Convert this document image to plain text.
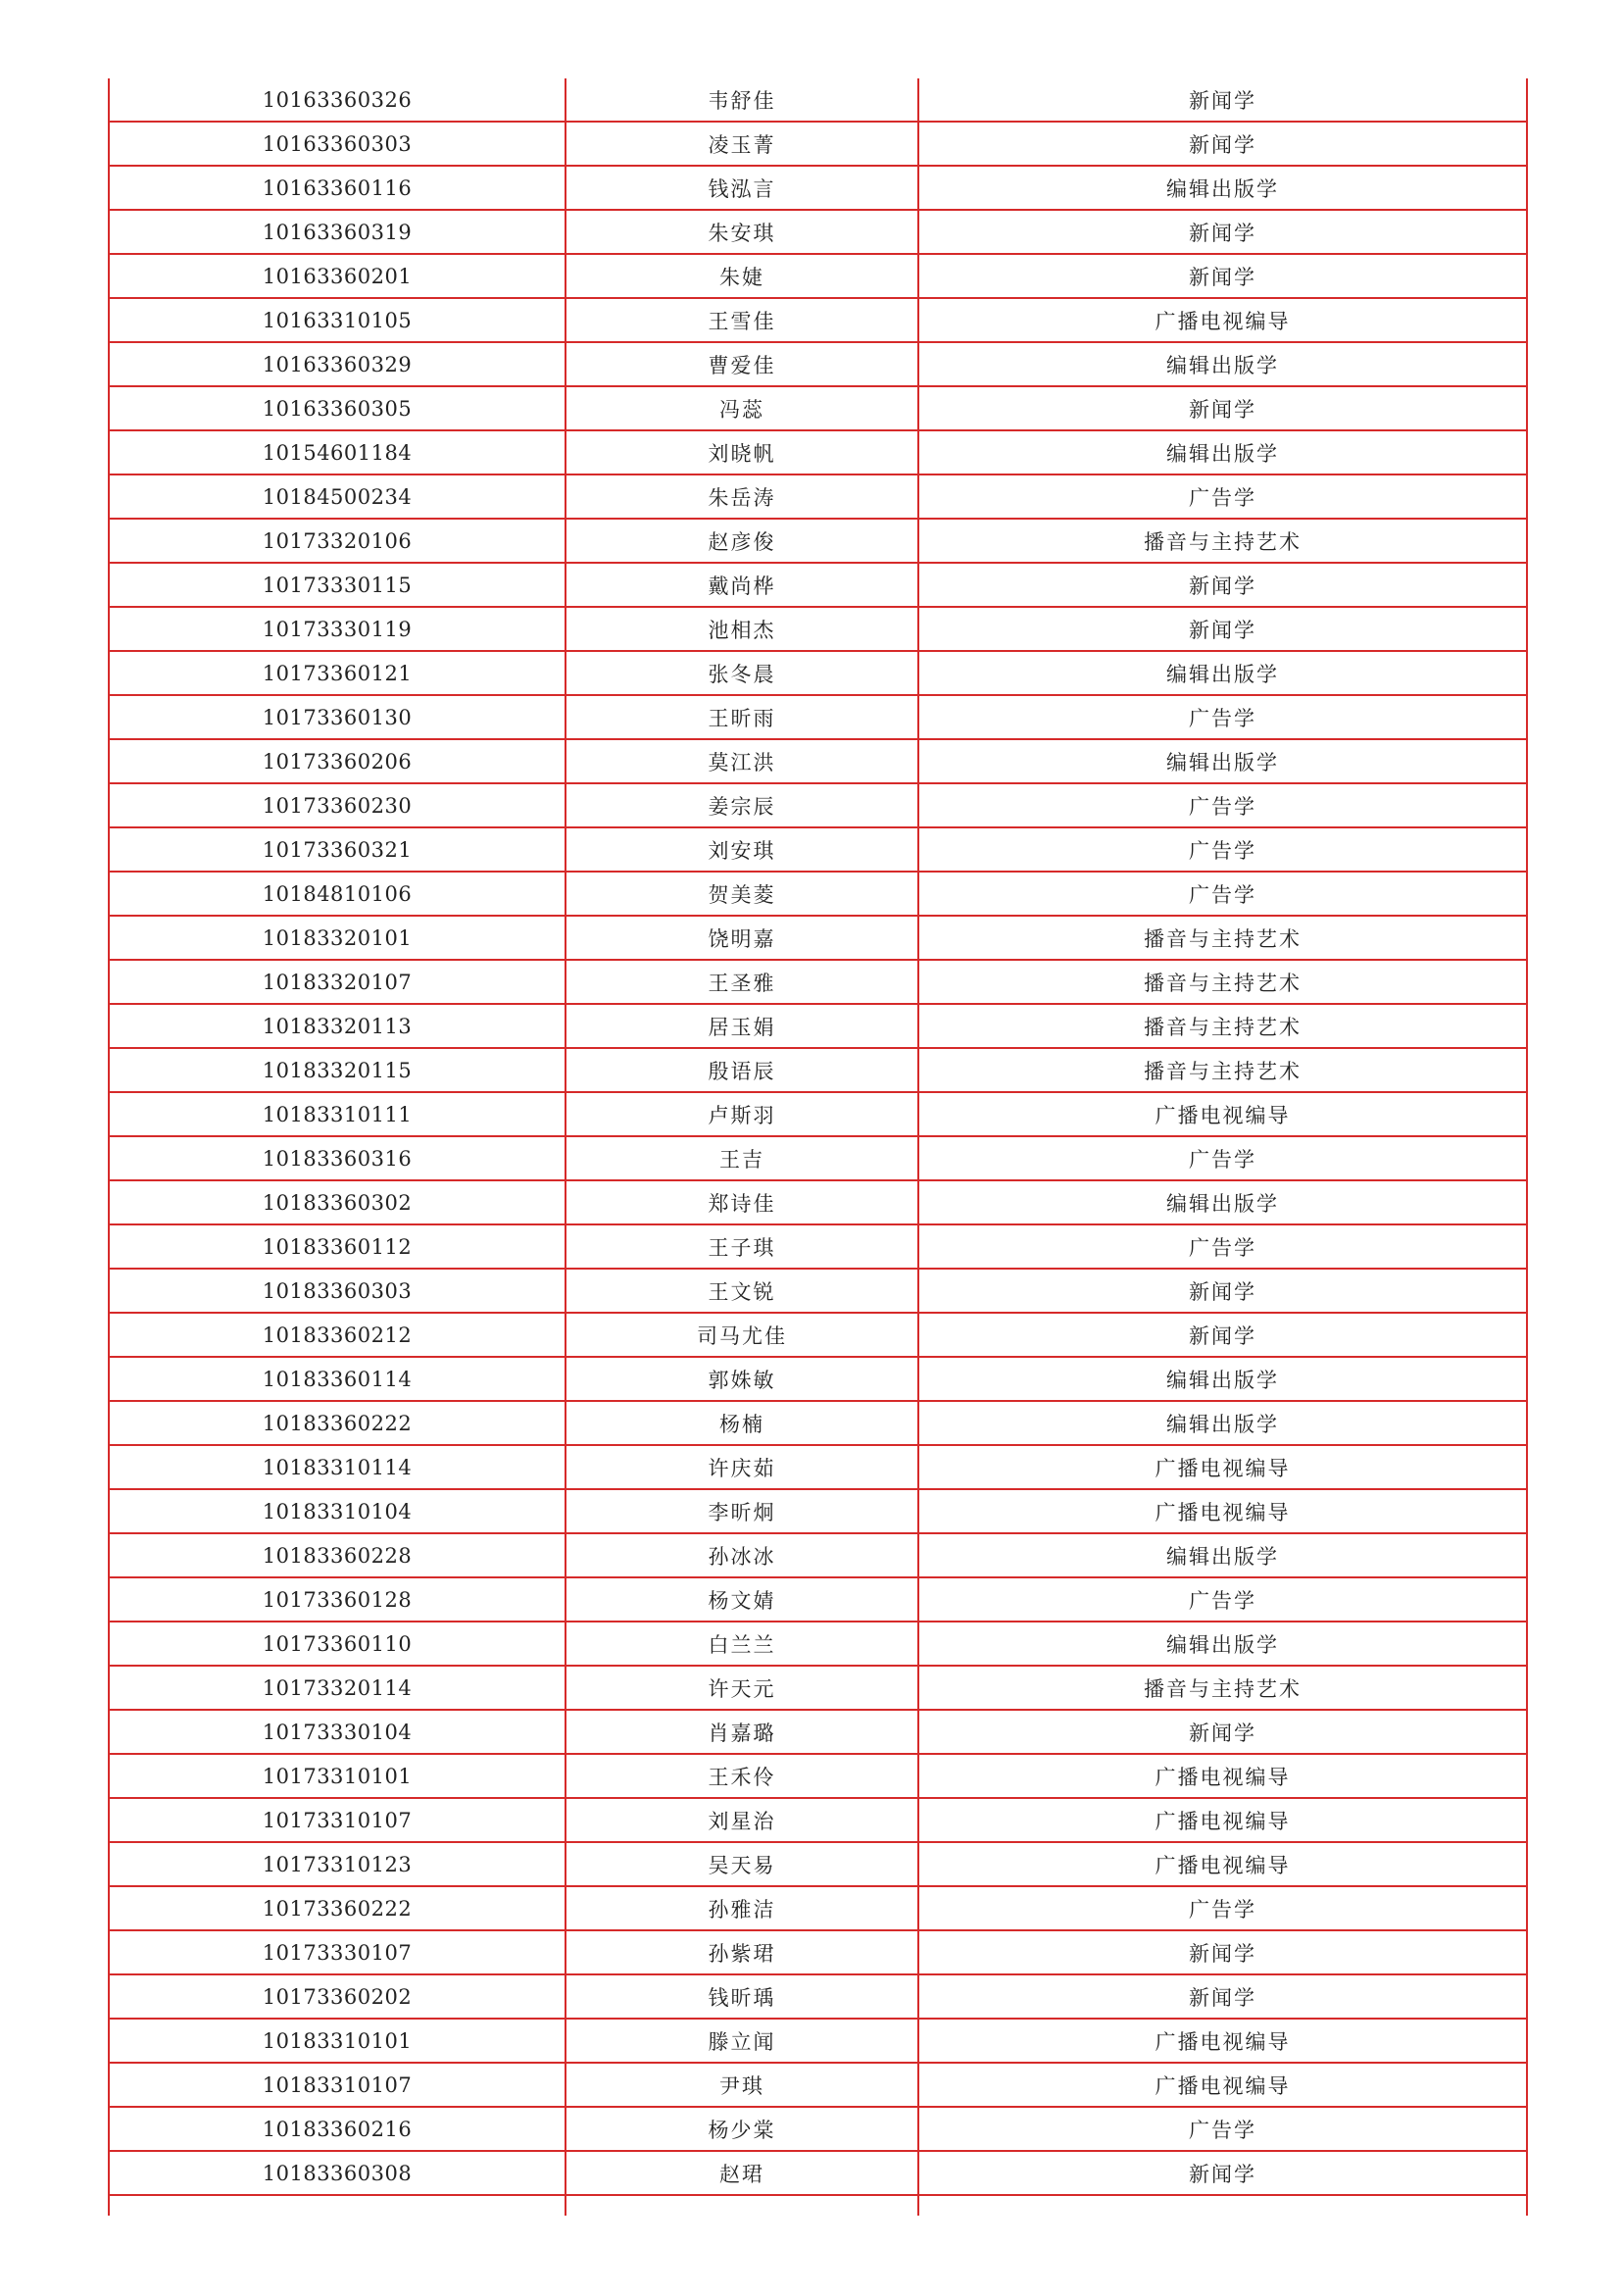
10163360326	韦舒佳	新闻学
10163360303	凌玉菁	新闻学
10163360116	钱泓言	编辑出版学
10163360319	朱安琪	新闻学
10163360201	朱婕	新闻学
10163310105	王雪佳	广播电视编导
10163360329	曹爱佳	编辑出版学
10163360305	冯蕊	新闻学
10154601184	刘晓帆	编辑出版学
10184500234	朱岳涛	广告学
10173320106	赵彦俊	播音与主持艺术
10173330115	戴尚桦	新闻学
10173330119	池相杰	新闻学
10173360121	张冬晨	编辑出版学
10173360130	王昕雨	广告学
10173360206	莫江洪	编辑出版学
10173360230	姜宗辰	广告学
10173360321	刘安琪	广告学
10184810106	贺美菱	广告学
10183320101	饶明嘉	播音与主持艺术
10183320107	王圣雅	播音与主持艺术
10183320113	居玉娟	播音与主持艺术
10183320115	殷语辰	播音与主持艺术
10183310111	卢斯羽	广播电视编导
10183360316	王吉	广告学
10183360302	郑诗佳	编辑出版学
10183360112	王子琪	广告学
10183360303	王文锐	新闻学
10183360212	司马尤佳	新闻学
10183360114	郭姝敏	编辑出版学
10183360222	杨楠	编辑出版学
10183310114	许庆茹	广播电视编导
10183310104	李昕炯	广播电视编导
10183360228	孙冰冰	编辑出版学
10173360128	杨文婧	广告学
10173360110	白兰兰	编辑出版学
10173320114	许天元	播音与主持艺术
10173330104	肖嘉璐	新闻学
10173310101	王禾伶	广播电视编导
10173310107	刘星治	广播电视编导
10173310123	吴天易	广播电视编导
10173360222	孙雅洁	广告学
10173330107	孙紫珺	新闻学
10173360202	钱昕瑀	新闻学
10183310101	滕立闻	广播电视编导
10183310107	尹琪	广播电视编导
10183360216	杨少棠	广告学
10183360308	赵珺	新闻学
